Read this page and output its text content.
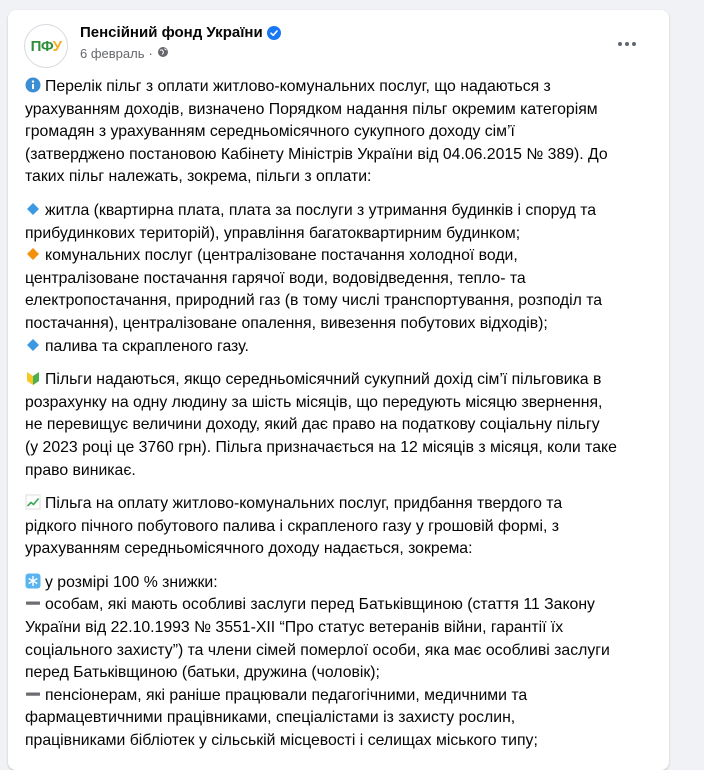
ПФУ
Пенсійний фонд України
6 февраль ·
Перелік пільг з оплати житлово-комунальних послуг, що надаються з
урахуванням доходів, визначено Порядком надання пільг окремим категоріям
громадян з урахуванням середньомісячного сукупного доходу сім’ї
(затверджено постановою Кабінету Міністрів України від 04.06.2015 № 389). До
таких пільг належать, зокрема, пільги з оплати:
житла (квартирна плата, плата за послуги з утримання будинків і споруд та
прибудинкових територій), управління багатоквартирним будинком;
комунальних послуг (централізоване постачання холодної води,
централізоване постачання гарячої води, водовідведення, тепло- та
електропостачання, природний газ (в тому числі транспортування, розподіл та
постачання), централізоване опалення, вивезення побутових відходів);
палива та скрапленого газу.
Пільги надаються, якщо середньомісячний сукупний дохід сім’ї пільговика в
розрахунку на одну людину за шість місяців, що передують місяцю звернення,
не перевищує величини доходу, який дає право на податкову соціальну пільгу
(у 2023 році це 3760 грн). Пільга призначається на 12 місяців з місяця, коли таке
право виникає.
Пільга на оплату житлово-комунальних послуг, придбання твердого та
рідкого пічного побутового палива і скрапленого газу у грошовій формі, з
урахуванням середньомісячного доходу надається, зокрема:
у розмірі 100 % знижки:
особам, які мають особливі заслуги перед Батьківщиною (стаття 11 Закону
України від 22.10.1993 № 3551-XII “Про статус ветеранів війни, гарантії їх
соціального захисту”) та члени сімей померлої особи, яка має особливі заслуги
перед Батьківщиною (батьки, дружина (чоловік);
пенсіонерам, які раніше працювали педагогічними, медичними та
фармацевтичними працівниками, спеціалістами із захисту рослин,
працівниками бібліотек у сільській місцевості і селищах міського типу;
